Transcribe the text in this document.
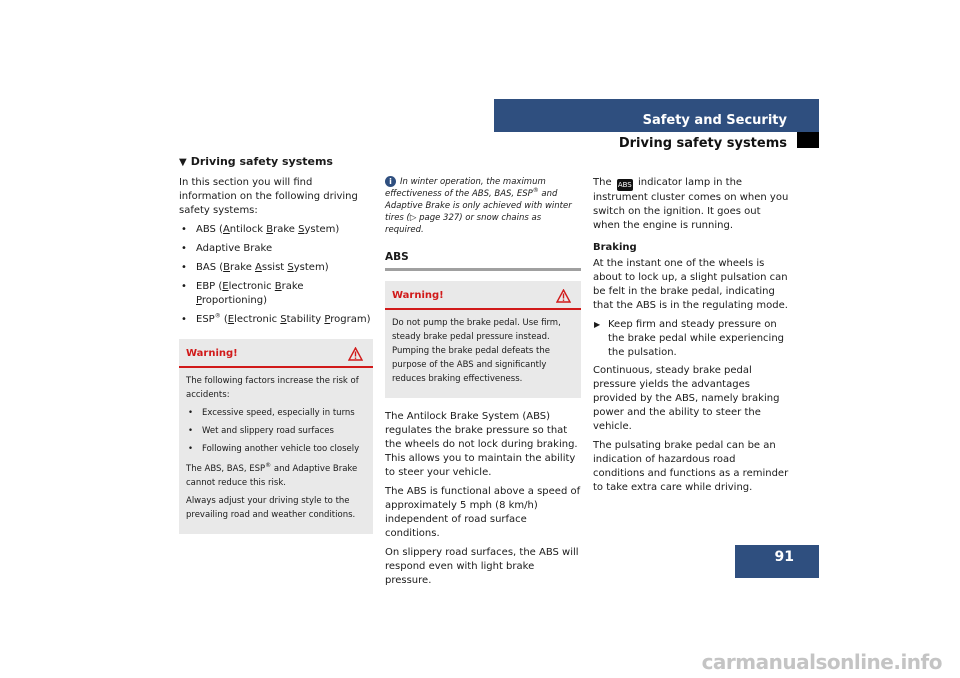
Safety and Security
Driving safety systems
91
▼ Driving safety systems

In this section you will find information on the following driving safety systems:

• ABS (Antilock Brake System)
• Adaptive Brake
• BAS (Brake Assist System)
• EBP (Electronic Brake Proportioning)
• ESP® (Electronic Stability Program)
Warning!

The following factors increase the risk of accidents:

• Excessive speed, especially in turns
• Wet and slippery road surfaces
• Following another vehicle too closely

The ABS, BAS, ESP® and Adaptive Brake cannot reduce this risk.

Always adjust your driving style to the prevailing road and weather conditions.

i In winter operation, the maximum effectiveness of the ABS, BAS, ESP® and Adaptive Brake is only achieved with winter tires (▷ page 327) or snow chains as required.
ABS
Warning!

Do not pump the brake pedal. Use firm, steady brake pedal pressure instead. Pumping the brake pedal defeats the purpose of the ABS and significantly reduces braking effectiveness.

The Antilock Brake System (ABS) regulates the brake pressure so that the wheels do not lock during braking. This allows you to maintain the ability to steer your vehicle.

The ABS is functional above a speed of approximately 5 mph (8 km/h) independent of road surface conditions.

On slippery road surfaces, the ABS will respond even with light brake pressure.

The ABS indicator lamp in the instrument cluster comes on when you switch on the ignition. It goes out when the engine is running.

Braking

At the instant one of the wheels is about to lock up, a slight pulsation can be felt in the brake pedal, indicating that the ABS is in the regulating mode.

▶ Keep firm and steady pressure on the brake pedal while experiencing the pulsation.

Continuous, steady brake pedal pressure yields the advantages provided by the ABS, namely braking power and the ability to steer the vehicle.

The pulsating brake pedal can be an indication of hazardous road conditions and functions as a reminder to take extra care while driving.

carmanualsonline.info
